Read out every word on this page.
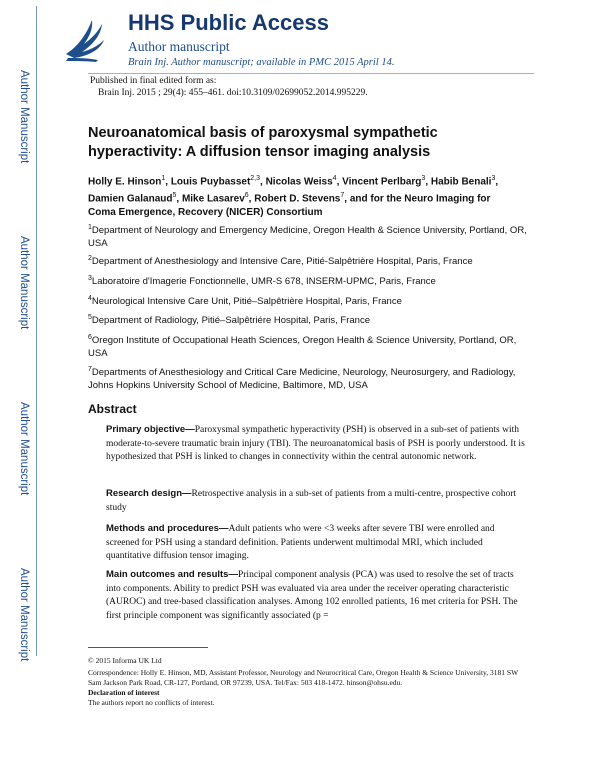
Author Manuscript
Author Manuscript
Author Manuscript
Author Manuscript
HHS Public Access
Author manuscript
Brain Inj. Author manuscript; available in PMC 2015 April 14.
Published in final edited form as:
Brain Inj. 2015 ; 29(4): 455–461. doi:10.3109/02699052.2014.995229.
Neuroanatomical basis of paroxysmal sympathetic hyperactivity: A diffusion tensor imaging analysis
Holly E. Hinson$^1$, Louis Puybasset$^{2,3}$, Nicolas Weiss$^4$, Vincent Perlbarg$^3$, Habib Benali$^3$, Damien Galanaud$^5$, Mike Lasarev$^6$, Robert D. Stevens$^7$, and for the Neuro Imaging for Coma Emergence, Recovery (NICER) Consortium
$^1$Department of Neurology and Emergency Medicine, Oregon Health & Science University, Portland, OR, USA
$^2$Department of Anesthesiology and Intensive Care, Pitié-Salpêtrière Hospital, Paris, France
$^3$Laboratoire d'Imagerie Fonctionnelle, UMR-S 678, INSERM-UPMC, Paris, France
$^4$Neurological Intensive Care Unit, Pitié–Salpêtrière Hospital, Paris, France
$^5$Department of Radiology, Pitié–Salpêtriére Hospital, Paris, France
$^6$Oregon Institute of Occupational Heath Sciences, Oregon Health & Science University, Portland, OR, USA
$^7$Departments of Anesthesiology and Critical Care Medicine, Neurology, Neurosurgery, and Radiology, Johns Hopkins University School of Medicine, Baltimore, MD, USA
Abstract
Primary objective—Paroxysmal sympathetic hyperactivity (PSH) is observed in a sub-set of patients with moderate-to-severe traumatic brain injury (TBI). The neuroanatomical basis of PSH is poorly understood. It is hypothesized that PSH is linked to changes in connectivity within the central autonomic network.
Research design—Retrospective analysis in a sub-set of patients from a multi-centre, prospective cohort study
Methods and procedures—Adult patients who were <3 weeks after severe TBI were enrolled and screened for PSH using a standard definition. Patients underwent multimodal MRI, which included quantitative diffusion tensor imaging.
Main outcomes and results—Principal component analysis (PCA) was used to resolve the set of tracts into components. Ability to predict PSH was evaluated via area under the receiver operating characteristic (AUROC) and tree-based classification analyses. Among 102 enrolled patients, 16 met criteria for PSH. The first principle component was significantly associated (p =
© 2015 Informa UK Ltd
Correspondence: Holly E. Hinson, MD, Assistant Professor, Neurology and Neurocritical Care, Oregon Health & Science University, 3181 SW Sam Jackson Park Road, CR-127, Portland, OR 97239, USA. Tel/Fax: 503 418-1472. hinson@ohsu.edu.
Declaration of interest
The authors report no conflicts of interest.
